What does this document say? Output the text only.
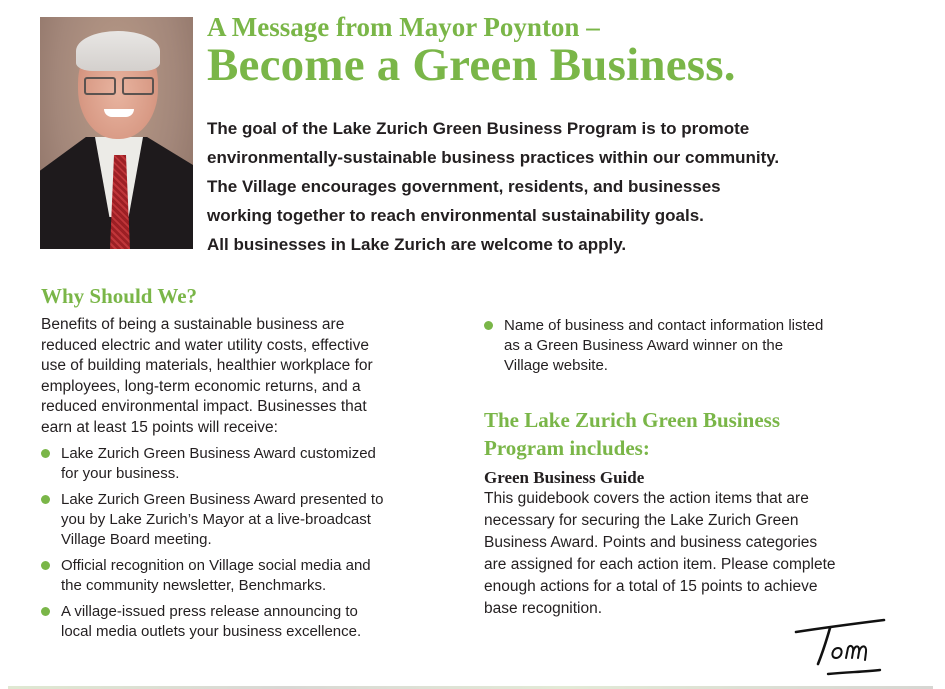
A Message from Mayor Poynton –
Become a Green Business.
The goal of the Lake Zurich Green Business Program is to promote
environmentally-sustainable business practices within our community.
The Village encourages government, residents, and businesses
working together to reach environmental sustainability goals.
All businesses in Lake Zurich are welcome to apply.
Why Should We?
Benefits of being a sustainable business are
reduced electric and water utility costs, effective
use of building materials, healthier workplace for
employees, long-term economic returns, and a
reduced environmental impact. Businesses that
earn at least 15 points will receive:
Lake Zurich Green Business Award customized
for your business.
Lake Zurich Green Business Award presented to
you by Lake Zurich’s Mayor at a live-broadcast
Village Board meeting.
Official recognition on Village social media and
the community newsletter, Benchmarks.
A village-issued press release announcing to
local media outlets your business excellence.
Name of business and contact information listed
as a Green Business Award winner on the
Village website.
The Lake Zurich Green Business
Program includes:
Green Business Guide
This guidebook covers the action items that are
necessary for securing the Lake Zurich Green
Business Award. Points and business categories
are assigned for each action item. Please complete
enough actions for a total of 15 points to achieve
base recognition.
